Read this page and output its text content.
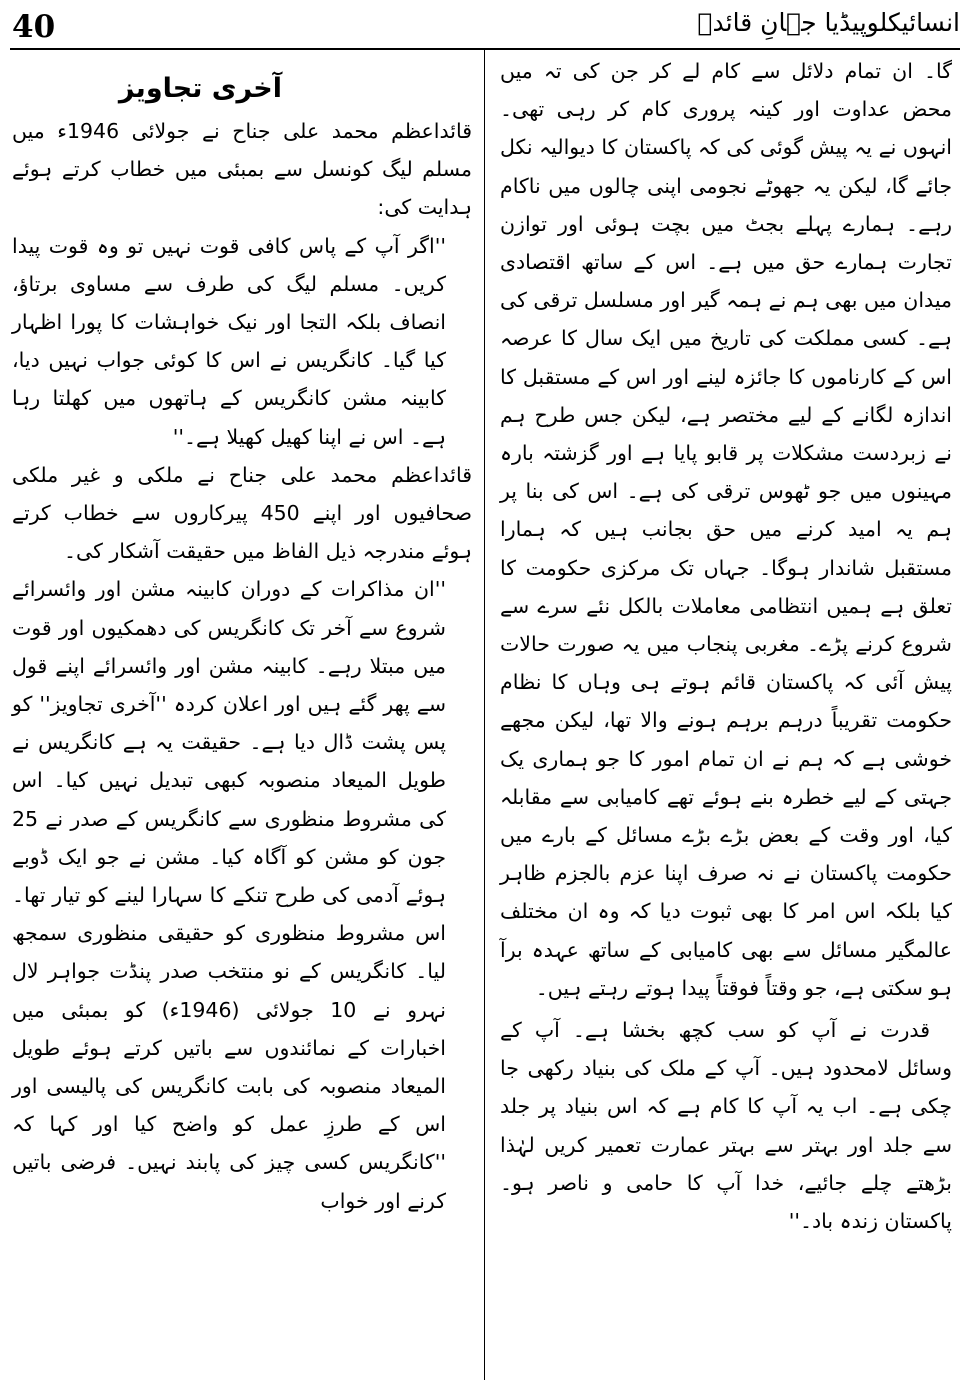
40	انسائیکلوپیڈیا جہانِ قائدؒ

گا۔ ان تمام دلائل سے کام لے کر جن کی تہ میں محض عداوت اور کینہ پروری کام کر رہی تھی۔ انہوں نے یہ پیش گوئی کی کہ پاکستان کا دیوالیہ نکل جائے گا، لیکن یہ جھوٹے نجومی اپنی چالوں میں ناکام رہے۔ ہمارے پہلے بجٹ میں بچت ہوئی اور توازن تجارت ہمارے حق میں ہے۔ اس کے ساتھ اقتصادی میدان میں بھی ہم نے ہمہ گیر اور مسلسل ترقی کی ہے۔ کسی مملکت کی تاریخ میں ایک سال کا عرصہ اس کے کارناموں کا جائزہ لینے اور اس کے مستقبل کا اندازہ لگانے کے لیے مختصر ہے، لیکن جس طرح ہم نے زبردست مشکلات پر قابو پایا ہے اور گزشتہ بارہ مہینوں میں جو ٹھوس ترقی کی ہے۔ اس کی بنا پر ہم یہ امید کرنے میں حق بجانب ہیں کہ ہمارا مستقبل شاندار ہوگا۔ جہاں تک مرکزی حکومت کا تعلق ہے ہمیں انتظامی معاملات بالکل نئے سرے سے شروع کرنے پڑے۔ مغربی پنجاب میں یہ صورت حالات پیش آئی کہ پاکستان قائم ہوتے ہی وہاں کا نظام حکومت تقریباً درہم برہم ہونے والا تھا، لیکن مجھے خوشی ہے کہ ہم نے ان تمام امور کا جو ہماری یک جہتی کے لیے خطرہ بنے ہوئے تھے کامیابی سے مقابلہ کیا، اور وقت کے بعض بڑے بڑے مسائل کے بارے میں حکومت پاکستان نے نہ صرف اپنا عزم بالجزم ظاہر کیا بلکہ اس امر کا بھی ثبوت دیا کہ وہ ان مختلف عالمگیر مسائل سے بھی کامیابی کے ساتھ عہدہ برآ ہو سکتی ہے، جو وقتاً فوقتاً پیدا ہوتے رہتے ہیں۔

قدرت نے آپ کو سب کچھ بخشا ہے۔ آپ کے وسائل لامحدود ہیں۔ آپ کے ملک کی بنیاد رکھی جا چکی ہے۔ اب یہ آپ کا کام ہے کہ اس بنیاد پر جلد سے جلد اور بہتر سے بہتر عمارت تعمیر کریں لہٰذا بڑھتے چلے جائیے، خدا آپ کا حامی و ناصر ہو۔ پاکستان زندہ باد۔''

آخری تجاویز

قائداعظم محمد علی جناح نے جولائی 1946ء میں مسلم لیگ کونسل سے بمبئی میں خطاب کرتے ہوئے ہدایت کی:

''اگر آپ کے پاس کافی قوت نہیں تو وہ قوت پیدا کریں۔ مسلم لیگ کی طرف سے مساوی برتاؤ، انصاف بلکہ التجا اور نیک خواہشات کا پورا اظہار کیا گیا۔ کانگریس نے اس کا کوئی جواب نہیں دیا، کابینہ مشن کانگریس کے ہاتھوں میں کھلتا رہا ہے۔ اس نے اپنا کھیل کھیلا ہے۔''

قائداعظم محمد علی جناح نے ملکی و غیر ملکی صحافیوں اور اپنے 450 پیرکاروں سے خطاب کرتے ہوئے مندرجہ ذیل الفاظ میں حقیقت آشکار کی۔

''ان مذاکرات کے دوران کابینہ مشن اور وائسرائے شروع سے آخر تک کانگریس کی دھمکیوں اور قوت میں مبتلا رہے۔ کابینہ مشن اور وائسرائے اپنے قول سے پھر گئے ہیں اور اعلان کردہ ''آخری تجاویز'' کو پس پشت ڈال دیا ہے۔ حقیقت یہ ہے کانگریس نے طویل المیعاد منصوبہ کبھی تبدیل نہیں کیا۔ اس کی مشروط منظوری سے کانگریس کے صدر نے 25 جون کو مشن کو آگاہ کیا۔ مشن نے جو ایک ڈوبے ہوئے آدمی کی طرح تنکے کا سہارا لینے کو تیار تھا۔ اس مشروط منظوری کو حقیقی منظوری سمجھ لیا۔ کانگریس کے نو منتخب صدر پنڈت جواہر لال نہرو نے 10 جولائی (1946ء) کو بمبئی میں اخبارات کے نمائندوں سے باتیں کرتے ہوئے طویل المیعاد منصوبہ کی بابت کانگریس کی پالیسی اور اس کے طرزِ عمل کو واضح کیا اور کہا کہ ''کانگریس کسی چیز کی پابند نہیں۔ فرضی باتیں کرنے اور خواب
